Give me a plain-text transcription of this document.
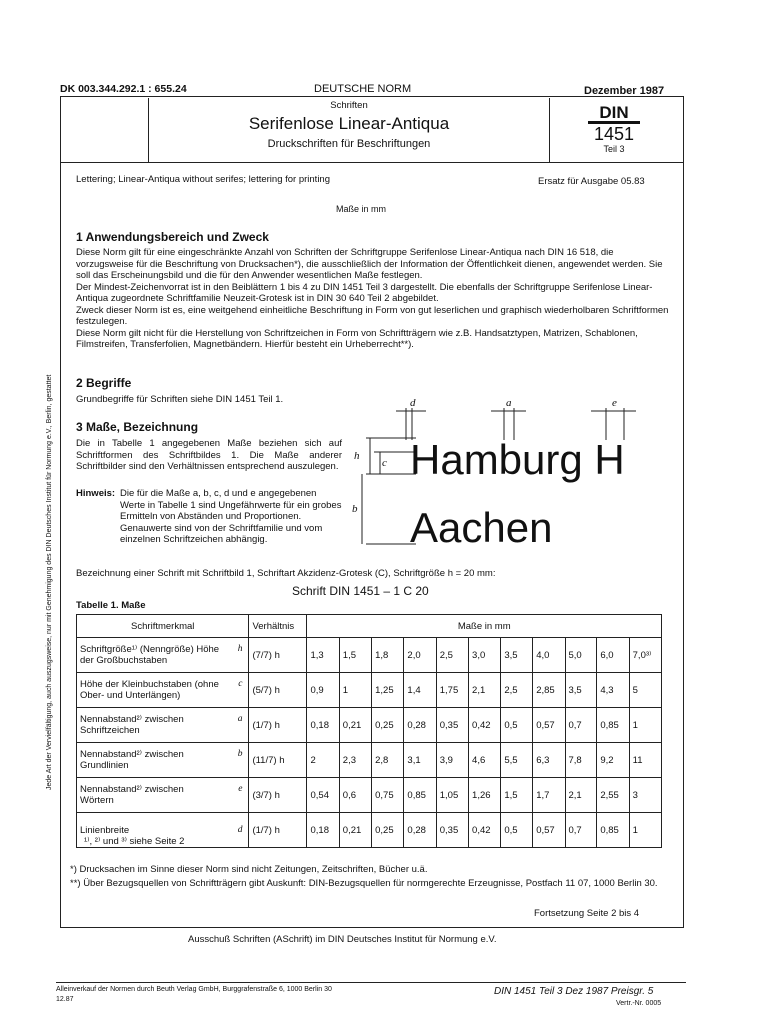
DK 003.344.292.1 : 655.24	DEUTSCHE NORM	Dezember 1987
Schriften
Serifenlose Linear-Antiqua
Druckschriften für Beschriftungen
DIN
1451
Teil 3
Lettering; Linear-Antiqua without serifes; lettering for printing	Ersatz für Ausgabe 05.83
Maße in mm
1 Anwendungsbereich und Zweck
Diese Norm gilt für eine eingeschränkte Anzahl von Schriften der Schriftgruppe Serifenlose Linear-Antiqua nach DIN 16 518, die vorzugsweise für die Beschriftung von Drucksachen*), die ausschließlich der Information der Öffentlichkeit dienen, angewendet werden. Sie soll das Erscheinungsbild und die für den Anwender wesentlichen Maße festlegen.
Der Mindest-Zeichenvorrat ist in den Beiblättern 1 bis 4 zu DIN 1451 Teil 3 dargestellt. Die ebenfalls der Schriftgruppe Serifenlose Linear-Antiqua zugeordnete Schriftfamilie Neuzeit-Grotesk ist in DIN 30 640 Teil 2 abgebildet.
Zweck dieser Norm ist es, eine weitgehend einheitliche Beschriftung in Form von gut leserlichen und graphisch wiederholbaren Schriftformen festzulegen.
Diese Norm gilt nicht für die Herstellung von Schriftzeichen in Form von Schriftträgern wie z.B. Handsatztypen, Matrizen, Schablonen, Filmstreifen, Transferfolien, Magnetbändern. Hierfür besteht ein Urheberrecht**).
2 Begriffe
Grundbegriffe für Schriften siehe DIN 1451 Teil 1.
3 Maße, Bezeichnung
Die in Tabelle 1 angegebenen Maße beziehen sich auf Schriftformen des Schriftbildes 1. Die Maße anderer Schriftbilder sind den Verhältnissen entsprechend auszulegen.
Hinweis: Die für die Maße a, b, c, d und e angegebenen Werte in Tabelle 1 sind Ungefährwerte für ein grobes Ermitteln von Abständen und Proportionen. Genauwerte sind von der Schriftfamilie und vom einzelnen Schriftzeichen abhängig.
d	a	e
h
c
b
Hamburg H
Aachen
Bezeichnung einer Schrift mit Schriftbild 1, Schriftart Akzidenz-Grotesk (C), Schriftgröße h = 20 mm:
Schrift DIN 1451 – 1 C 20
Tabelle 1. Maße
Schriftmerkmal	Verhältnis	Maße in mm										
Schriftgröße¹⁾ (Nenngröße) Höhe der Großbuchstaben
h	(7/7) h	1,3	1,5	1,8	2,0	2,5	3,0	3,5	4,0	5,0	6,0	7,0³⁾
Höhe der Kleinbuchstaben (ohne Ober- und Unterlängen)
c	(5/7) h	0,9	1	1,25	1,4	1,75	2,1	2,5	2,85	3,5	4,3	5
Nennabstand²⁾ zwischen Schriftzeichen
a	(1/7) h	0,18	0,21	0,25	0,28	0,35	0,42	0,5	0,57	0,7	0,85	1
Nennabstand²⁾ zwischen Grundlinien
b	(11/7) h	2	2,3	2,8	3,1	3,9	4,6	5,5	6,3	7,8	9,2	11
Nennabstand²⁾ zwischen Wörtern
e	(3/7) h	0,54	0,6	0,75	0,85	1,05	1,26	1,5	1,7	2,1	2,55	3
Linienbreite d	(1/7) h	0,18	0,21	0,25	0,28	0,35	0,42	0,5	0,57	0,7	0,85	1
¹⁾, ²⁾ und ³⁾ siehe Seite 2
*) Drucksachen im Sinne dieser Norm sind nicht Zeitungen, Zeitschriften, Bücher u.ä.
**) Über Bezugsquellen von Schriftträgern gibt Auskunft: DIN-Bezugsquellen für normgerechte Erzeugnisse, Postfach 11 07, 1000 Berlin 30.
Fortsetzung Seite 2 bis 4
Ausschuß Schriften (ASchrift) im DIN Deutsches Institut für Normung e.V.
Alleinverkauf der Normen durch Beuth Verlag GmbH, Burggrafenstraße 6, 1000 Berlin 30
12.87
DIN 1451 Teil 3 Dez 1987 Preisgr. 5
Vertr.-Nr. 0005
Jede Art der Vervielfältigung, auch auszugsweise, nur mit Genehmigung des DIN Deutsches Institut für Normung e.V., Berlin, gestattet
